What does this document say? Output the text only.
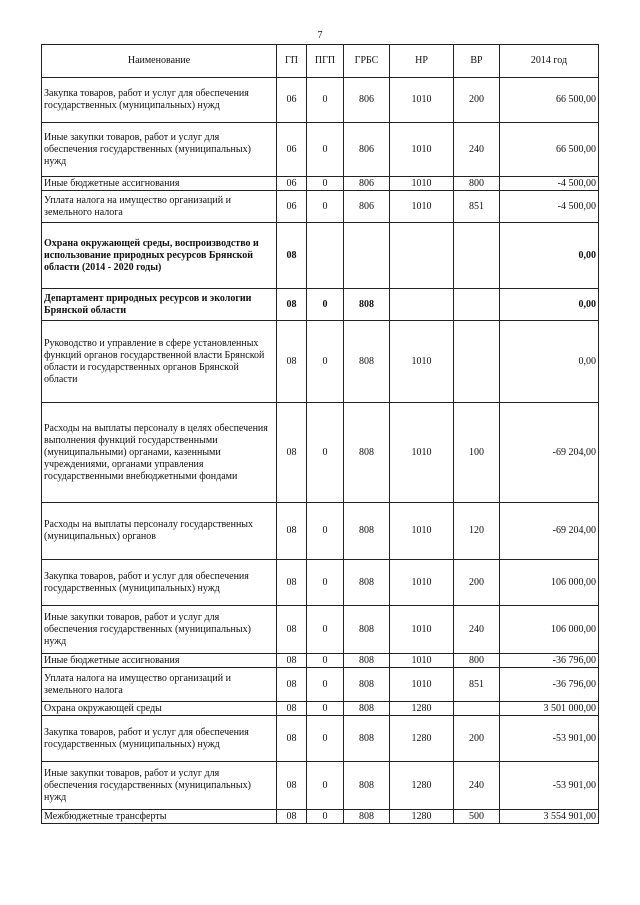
7
Наименование	ГП	ПГП	ГРБС	НР	ВР	2014 год
Закупка товаров, работ и услуг для обеспечения государственных (муниципальных) нужд	06	0	806	1010	200	66 500,00
Иные закупки товаров, работ и услуг для обеспечения государственных (муниципальных) нужд	06	0	806	1010	240	66 500,00
Иные бюджетные ассигнования	06	0	806	1010	800	-4 500,00
Уплата налога на имущество организаций и земельного налога	06	0	806	1010	851	-4 500,00
Охрана окружающей среды, воспроизводство и использование природных ресурсов Брянской области (2014 - 2020 годы)	08					0,00
Департамент природных ресурсов и экологии Брянской области	08	0	808			0,00
Руководство и управление в сфере установленных функций органов государственной власти Брянской области и государственных органов Брянской области	08	0	808	1010		0,00
Расходы на выплаты персоналу в целях обеспечения выполнения функций государственными (муниципальными) органами, казенными учреждениями, органами управления государственными внебюджетными фондами	08	0	808	1010	100	-69 204,00
Расходы на выплаты персоналу государственных (муниципальных) органов	08	0	808	1010	120	-69 204,00
Закупка товаров, работ и услуг для обеспечения государственных (муниципальных) нужд	08	0	808	1010	200	106 000,00
Иные закупки товаров, работ и услуг для обеспечения государственных (муниципальных) нужд	08	0	808	1010	240	106 000,00
Иные бюджетные ассигнования	08	0	808	1010	800	-36 796,00
Уплата налога на имущество организаций и земельного налога	08	0	808	1010	851	-36 796,00
Охрана окружающей среды	08	0	808	1280		3 501 000,00
Закупка товаров, работ и услуг для обеспечения государственных (муниципальных) нужд	08	0	808	1280	200	-53 901,00
Иные закупки товаров, работ и услуг для обеспечения государственных (муниципальных) нужд	08	0	808	1280	240	-53 901,00
Межбюджетные трансферты	08	0	808	1280	500	3 554 901,00
